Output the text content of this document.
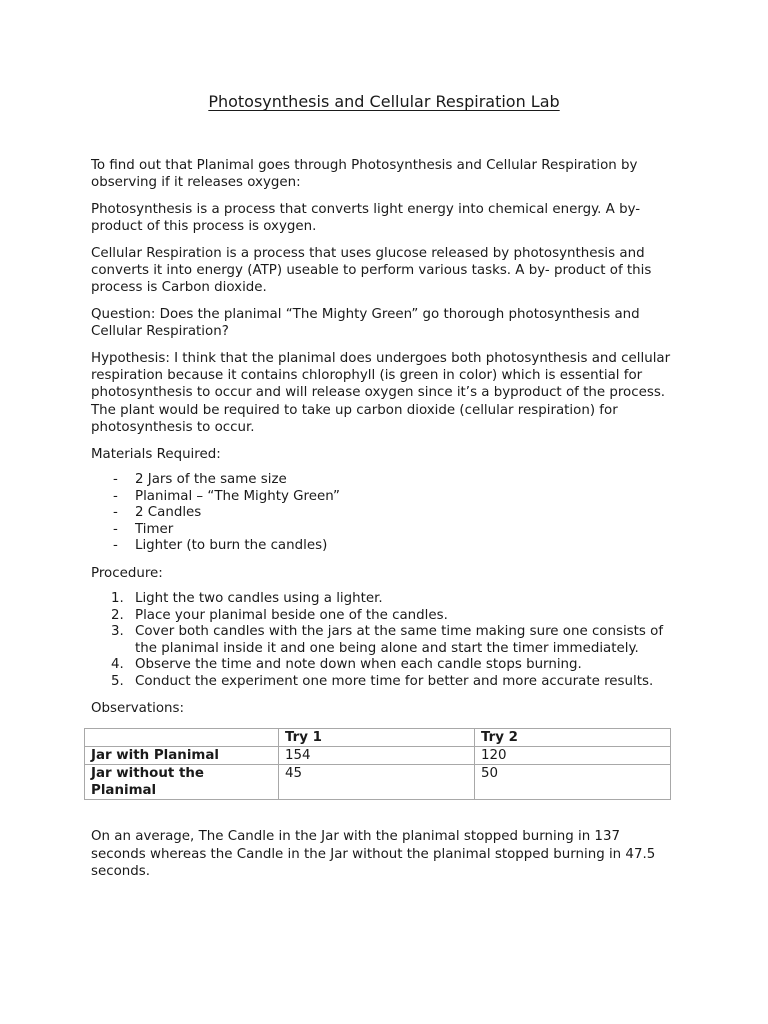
Photosynthesis and Cellular Respiration Lab

To find out that Planimal goes through Photosynthesis and Cellular Respiration by observing if it releases oxygen:

Photosynthesis is a process that converts light energy into chemical energy. A by-product of this process is oxygen.

Cellular Respiration is a process that uses glucose released by photosynthesis and converts it into energy (ATP) useable to perform various tasks. A by- product of this process is Carbon dioxide.

Question: Does the planimal “The Mighty Green” go thorough photosynthesis and Cellular Respiration?

Hypothesis: I think that the planimal does undergoes both photosynthesis and cellular respiration because it contains chlorophyll (is green in color) which is essential for photosynthesis to occur and will release oxygen since it’s a byproduct of the process. The plant would be required to take up carbon dioxide (cellular respiration) for photosynthesis to occur.

Materials Required:

- 2 Jars of the same size
- Planimal – “The Mighty Green”
- 2 Candles
- Timer
- Lighter (to burn the candles)

Procedure:

1. Light the two candles using a lighter.
2. Place your planimal beside one of the candles.
3. Cover both candles with the jars at the same time making sure one consists of the planimal inside it and one being alone and start the timer immediately.
4. Observe the time and note down when each candle stops burning.
5. Conduct the experiment one more time for better and more accurate results.

Observations:

	Try 1	Try 2
Jar with Planimal	154	120
Jar without the Planimal	45	50

On an average, The Candle in the Jar with the planimal stopped burning in 137 seconds whereas the Candle in the Jar without the planimal stopped burning in 47.5 seconds.
